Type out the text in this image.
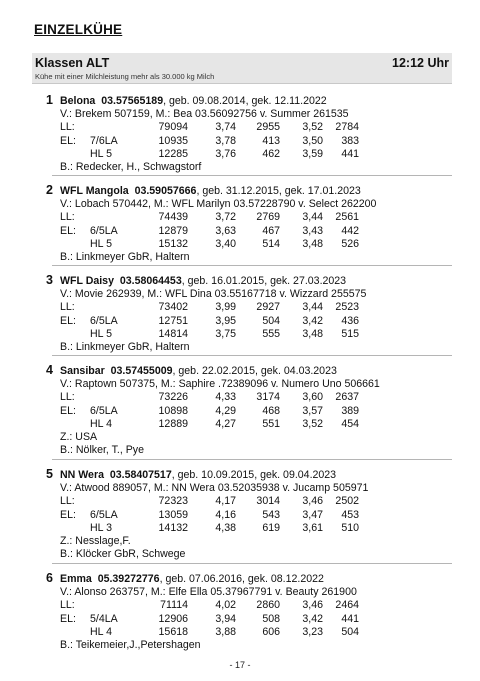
EINZELKÜHE
Klassen ALT	12:12 Uhr
Kühe mit einer Milchleistung mehr als 30.000 kg Milch
1 Belona 03.57565189, geb. 09.08.2014, gek. 12.11.2022
V.: Brekem 507159, M.: Bea 03.56092756 v. Summer 261535
LL:	79094	3,74 2955 3,52 2784
EL: 7/6LA	10935	3,78 413 3,50 383
HL 5	12285	3,76 462 3,59 441
B.: Redecker, H., Schwagstorf
2 WFL Mangola 03.59057666, geb. 31.12.2015, gek. 17.01.2023
V.: Lobach 570442, M.: WFL Marilyn 03.57228790 v. Select 262200
LL:	74439	3,72 2769 3,44 2561
EL: 6/5LA	12879	3,63 467 3,43 442
HL 5	15132	3,40 514 3,48 526
B.: Linkmeyer GbR, Haltern
3 WFL Daisy 03.58064453, geb. 16.01.2015, gek. 27.03.2023
V.: Movie 262939, M.: WFL Dina 03.55167718 v. Wizzard 255575
LL:	73402	3,99 2927 3,44 2523
EL: 6/5LA	12751	3,95 504 3,42 436
HL 5	14814	3,75 555 3,48 515
B.: Linkmeyer GbR, Haltern
4 Sansibar 03.57455009, geb. 22.02.2015, gek. 04.03.2023
V.: Raptown 507375, M.: Saphire .72389096 v. Numero Uno 506661
LL:	73226	4,33 3174 3,60 2637
EL: 6/5LA	10898	4,29 468 3,57 389
HL 4	12889	4,27 551 3,52 454
Z.: USA
B.: Nölker, T., Pye
5 NN Wera 03.58407517, geb. 10.09.2015, gek. 09.04.2023
V.: Atwood 889057, M.: NN Wera 03.52035938 v. Jucamp 505971
LL:	72323	4,17 3014 3,46 2502
EL: 6/5LA	13059	4,16 543 3,47 453
HL 3	14132	4,38 619 3,61 510
Z.: Nesslage,F.
B.: Klöcker GbR, Schwege
6 Emma 05.39272776, geb. 07.06.2016, gek. 08.12.2022
V.: Alonso 263757, M.: Elfe Ella 05.37967791 v. Beauty 261900
LL:	71114	4,02 2860 3,46 2464
EL: 5/4LA	12906	3,94 508 3,42 441
HL 4	15618	3,88 606 3,23 504
B.: Teikemeier,J.,Petershagen
- 17 -
